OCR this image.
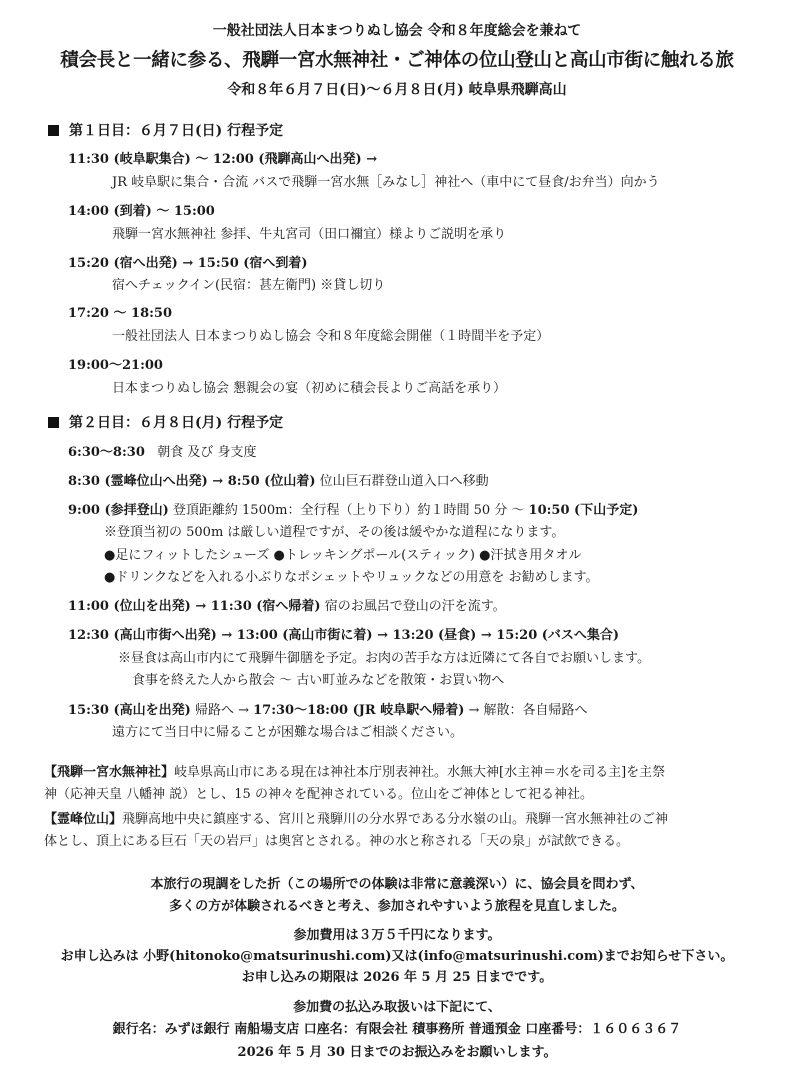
一般社団法人日本まつりぬし協会 令和８年度総会を兼ねて
積会長と一緒に参る、飛騨一宮水無神社・ご神体の位山登山と高山市街に触れる旅
令和８年６月７日(日)〜６月８日(月) 岐阜県飛騨高山
第１日目：６月７日(日) 行程予定
11:30 (岐阜駅集合) 〜 12:00 (飛騨高山へ出発) →
JR 岐阜駅に集合・合流 バスで飛騨一宮水無［みなし］神社へ（車中にて昼食/お弁当）向かう
14:00 (到着) 〜 15:00
飛騨一宮水無神社 参拝、牛丸宮司（田口禰宜）様よりご説明を承り
15:20 (宿へ出発) → 15:50 (宿へ到着)
宿へチェックイン(民宿：甚左衛門) ※貸し切り
17:20 〜 18:50
一般社団法人 日本まつりぬし協会 令和８年度総会開催（１時間半を予定）
19:00〜21:00
日本まつりぬし協会 懇親会の宴（初めに積会長よりご高話を承り）
第２日目：６月８日(月) 行程予定
6:30〜8:30 朝食 及び 身支度
8:30 (霊峰位山へ出発) → 8:50 (位山着) 位山巨石群登山道入口へ移動
9:00 (参拝登山) 登頂距離約 1500m：全行程（上り下り）約１時間 50 分 〜 10:50 (下山予定)
※登頂当初の 500m は厳しい道程ですが、その後は緩やかな道程になります。
●足にフィットしたシューズ ●トレッキングポール(スティック) ●汗拭き用タオル
●ドリンクなどを入れる小ぶりなポシェットやリュックなどの用意を お勧めします。
11:00 (位山を出発) → 11:30 (宿へ帰着) 宿のお風呂で登山の汗を流す。
12:30 (高山市街へ出発) → 13:00 (高山市街に着) → 13:20 (昼食) → 15:20 (バスへ集合)
※昼食は高山市内にて飛騨牛御膳を予定。お肉の苦手な方は近隣にて各自でお願いします。
食事を終えた人から散会 〜 古い町並みなどを散策・お買い物へ
15:30 (高山を出発) 帰路へ → 17:30〜18:00 (JR 岐阜駅へ帰着) → 解散：各自帰路へ
遠方にて当日中に帰ることが困難な場合はご相談ください。
【飛騨一宮水無神社】岐阜県高山市にある現在は神社本庁別表神社。水無大神[水主神＝水を司る主]を主祭
神（応神天皇 八幡神 説）とし、15 の神々を配神されている。位山をご神体として祀る神社。
【霊峰位山】飛騨高地中央に鎮座する、宮川と飛騨川の分水界である分水嶺の山。飛騨一宮水無神社のご神
体とし、頂上にある巨石「天の岩戸」は奥宮とされる。神の水と称される「天の泉」が試飲できる。
本旅行の現調をした折（この場所での体験は非常に意義深い）に、協会員を問わず、
多くの方が体験されるべきと考え、参加されやすいよう旅程を見直しました。
参加費用は３万５千円になります。
お申し込みは 小野(hitonoko@matsurinushi.com)又は(info@matsurinushi.com)までお知らせ下さい。
お申し込みの期限は 2026 年 5 月 25 日までです。
参加費の払込み取扱いは下記にて、
銀行名：みずほ銀行 南船場支店 口座名：有限会社 積事務所 普通預金 口座番号：１６０６３６７
2026 年 5 月 30 日までのお振込みをお願いします。
